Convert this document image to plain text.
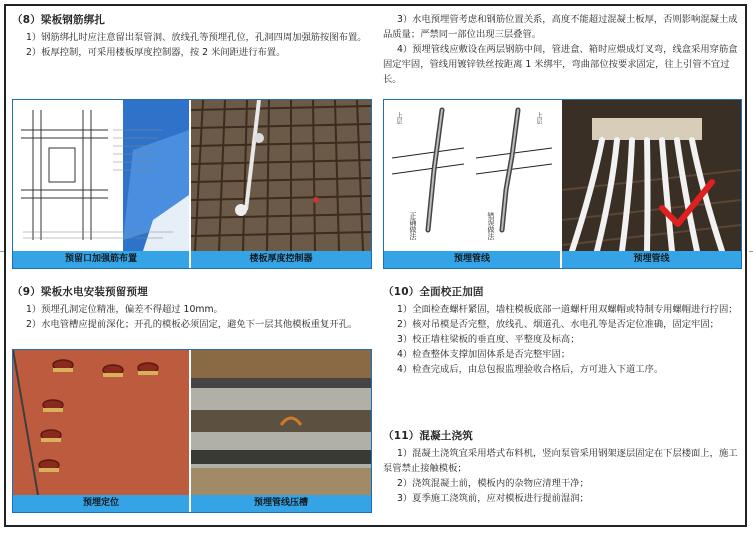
（8）梁板钢筋绑扎

1）钢筋绑扎时应注意留出泵管洞、放线孔等预埋孔位，孔洞四周加强筋按图布置。

2）板厚控制，可采用楼板厚度控制器，按 2 米间距进行布置。

预留口加强筋布置	楼板厚度控制器
（9）梁板水电安装预留预埋

1）预埋孔洞定位精准，偏差不得超过 10mm。

2）水电管槽应提前深化；开孔的模板必须固定，避免下一层其他模板重复开孔。

预埋定位	预埋管线压槽

3）水电预埋管考虑和钢筋位置关系，高度不能超过混凝土板厚，否则影响混凝土成品质量；严禁同一部位出现三层叠管。

4）预埋管线应敷设在两层钢筋中间，管进盒、箱时应煨成灯叉弯，线盒采用穿筋盒固定牢固，管线用镀锌铁丝按距离 1 米绑牢，弯曲部位按要求固定，往上引管不宜过长。

上层	上层
正确做法	错误做法
预埋管线	预埋管线
（10）全面校正加固

1）全面检查螺杆紧固，墙柱模板底部一道螺杆用双螺帽或特制专用螺帽进行拧固；

2）核对吊模是否完整，放线孔、烟道孔、水电孔等是否定位准确，固定牢固；

3）校正墙柱梁板的垂直度、平整度及标高；

4）检查整体支撑加固体系是否完整牢固；

4）检查完成后，由总包报监理验收合格后，方可进入下道工序。

（11）混凝土浇筑

1）混凝土浇筑宜采用塔式布料机，竖向泵管采用钢架逐层固定在下层楼面上，施工泵管禁止接触模板；

2）浇筑混凝土前，模板内的杂物应清理干净；

3）夏季施工浇筑前，应对模板进行提前湿润；
